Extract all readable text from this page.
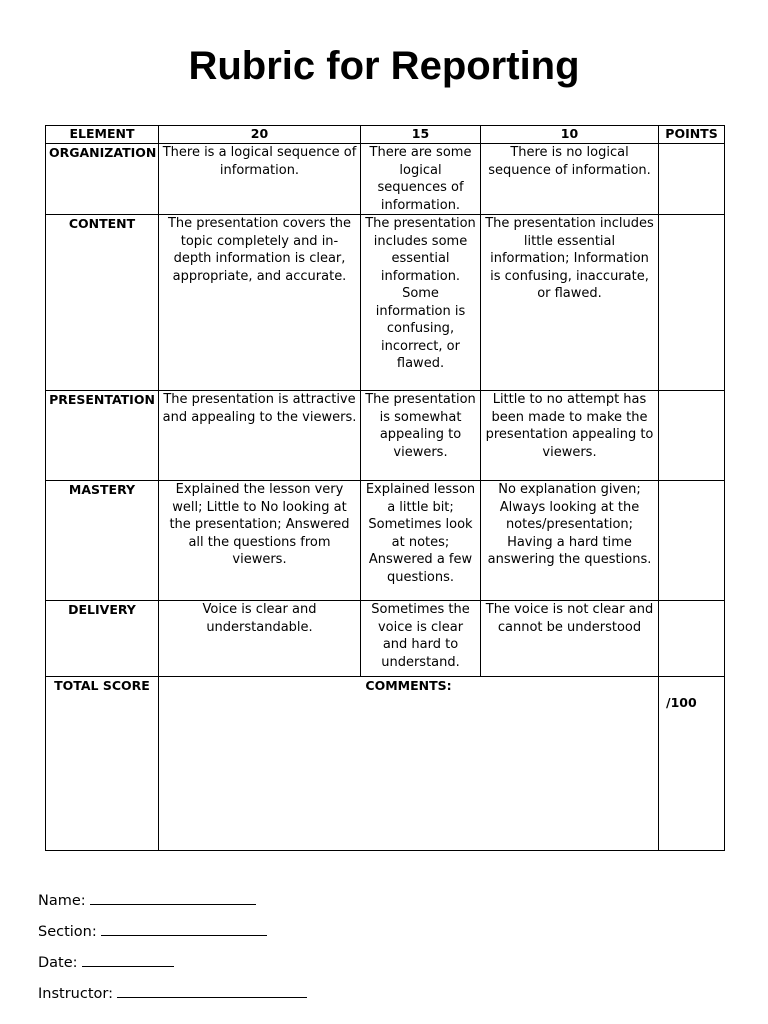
Rubric for Reporting
ELEMENT	20	15	10	POINTS
ORGANIZATION	There is a logical sequence of information.	There are some logical sequences of information.	There is no logical sequence of information.	
CONTENT	The presentation covers the topic completely and in-depth information is clear, appropriate, and accurate.	The presentation includes some essential information. Some information is confusing, incorrect, or flawed.	The presentation includes little essential information; Information is confusing, inaccurate, or flawed.	
PRESENTATION	The presentation is attractive and appealing to the viewers.	The presentation is somewhat appealing to viewers.	Little to no attempt has been made to make the presentation appealing to viewers.	
MASTERY	Explained the lesson very well; Little to No looking at the presentation; Answered all the questions from viewers.	Explained lesson a little bit; Sometimes look at notes; Answered a few questions.	No explanation given; Always looking at the notes/presentation; Having a hard time answering the questions.	
DELIVERY	Voice is clear and understandable.	Sometimes the voice is clear and hard to understand.	The voice is not clear and cannot be understood	
TOTAL SCORE	COMMENTS:			/100
Name:
Section:
Date:
Instructor:
